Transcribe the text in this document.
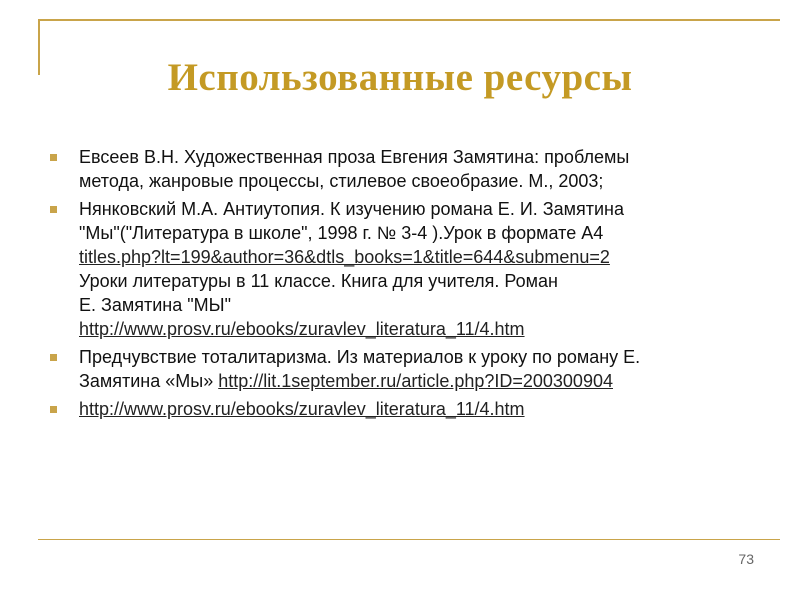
Использованные ресурсы
Евсеев В.Н. Художественная проза Евгения Замятина: проблемы
метода, жанровые процессы, стилевое своеобразие. М., 2003;
Нянковский М.А. Антиутопия. К изучению романа Е. И. Замятина
"Мы"("Литература в школе", 1998 г. № 3-4 ).Урок в формате А4
titles.php?lt=199&author=36&dtls_books=1&title=644&submenu=2
Уроки литературы в 11 классе. Книга для учителя. Роман
Е. Замятина "МЫ"
http://www.prosv.ru/ebooks/zuravlev_literatura_11/4.htm
Предчувствие тоталитаризма. Из материалов к уроку по роману Е.
Замятина «Мы» http://lit.1september.ru/article.php?ID=200300904
http://www.prosv.ru/ebooks/zuravlev_literatura_11/4.htm
73
